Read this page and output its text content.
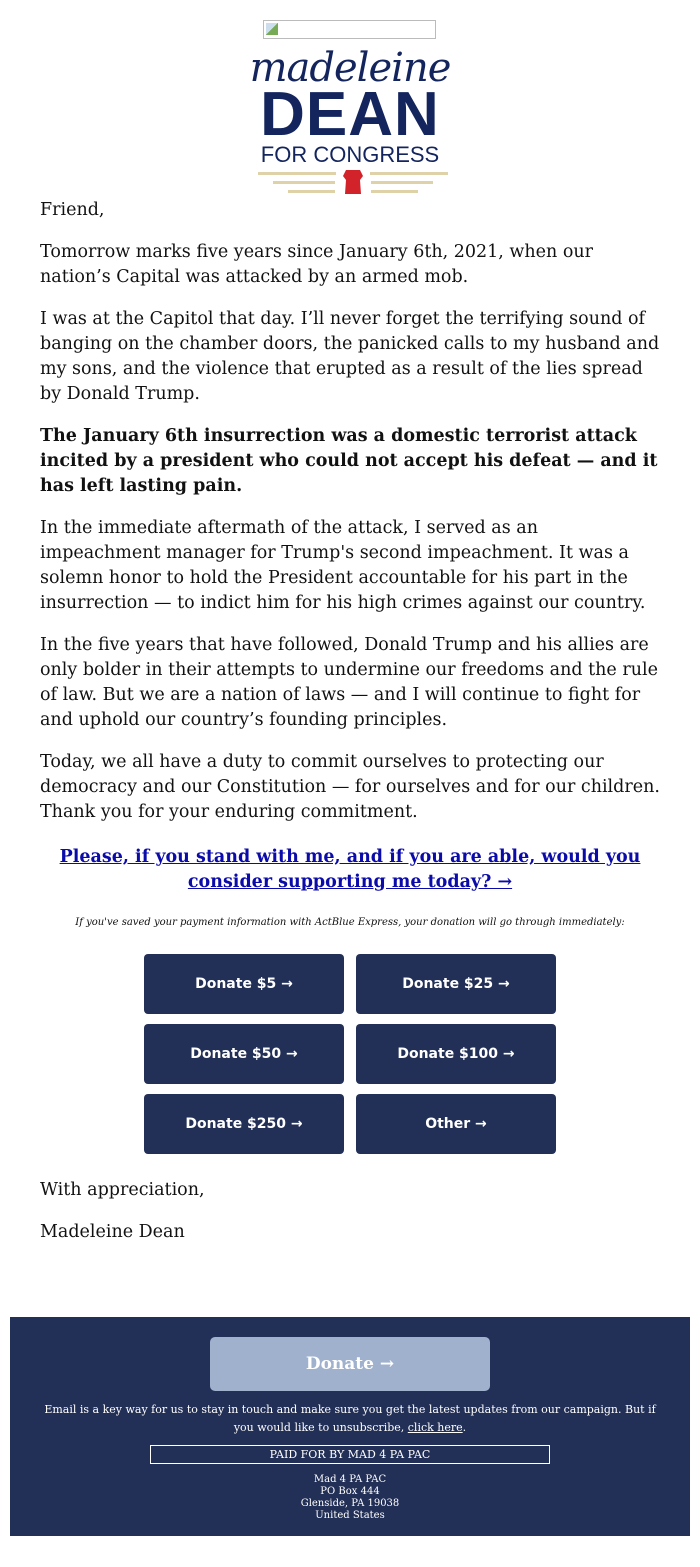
madeleine
DEAN
FOR CONGRESS

Friend,

Tomorrow marks five years since January 6th, 2021, when our nation’s Capital was attacked by an armed mob.

I was at the Capitol that day. I’ll never forget the terrifying sound of banging on the chamber doors, the panicked calls to my husband and my sons, and the violence that erupted as a result of the lies spread by Donald Trump.

The January 6th insurrection was a domestic terrorist attack incited by a president who could not accept his defeat — and it has left lasting pain.

In the immediate aftermath of the attack, I served as an impeachment manager for Trump's second impeachment. It was a solemn honor to hold the President accountable for his part in the insurrection — to indict him for his high crimes against our country.

In the five years that have followed, Donald Trump and his allies are only bolder in their attempts to undermine our freedoms and the rule of law. But we are a nation of laws — and I will continue to fight for and uphold our country’s founding principles.

Today, we all have a duty to commit ourselves to protecting our democracy and our Constitution — for ourselves and for our children. Thank you for your enduring commitment.

Please, if you stand with me, and if you are able, would you consider supporting me today? →

If you've saved your payment information with ActBlue Express, your donation will go through immediately:
Donate $5 →	Donate $25 →
Donate $50 →	Donate $100 →
Donate $250 →	Other →

With appreciation,

Madeleine Dean

Donate →
Email is a key way for us to stay in touch and make sure you get the latest updates from our campaign. But if you would like to unsubscribe, click here.
PAID FOR BY MAD 4 PA PAC
Mad 4 PA PAC
PO Box 444
Glenside, PA 19038
United States
